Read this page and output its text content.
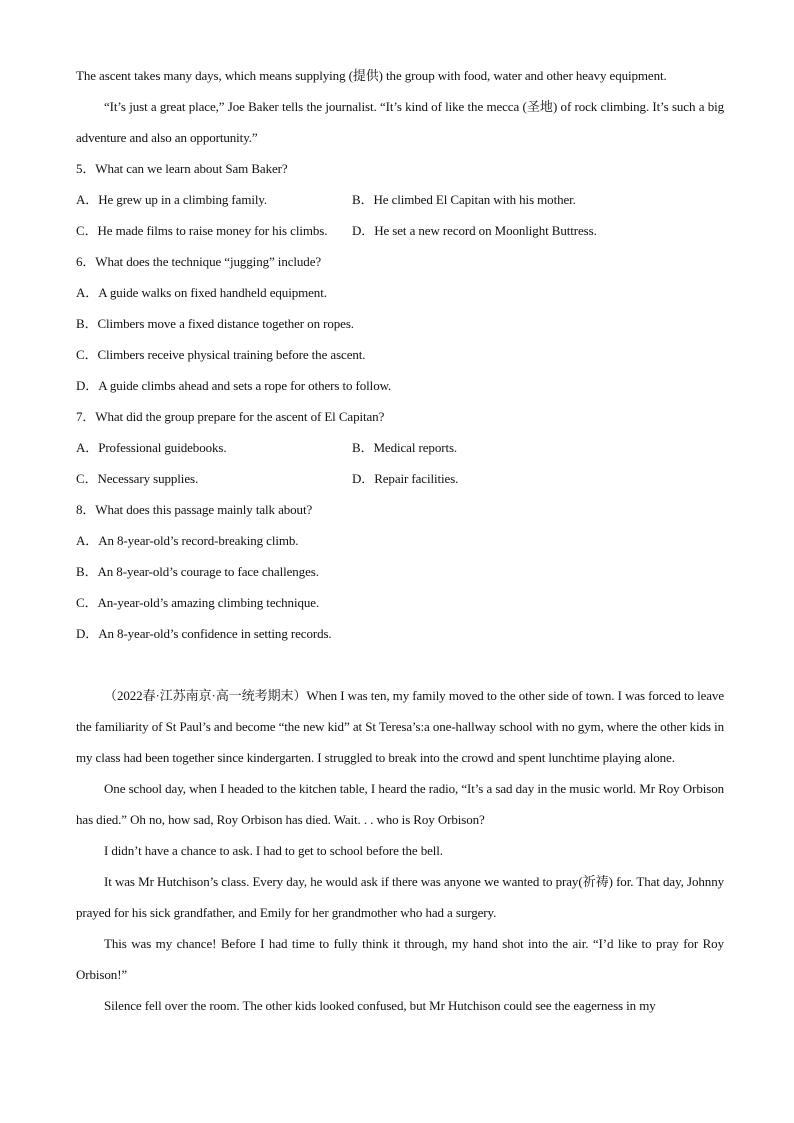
The ascent takes many days, which means supplying (提供) the group with food, water and other heavy equipment.

“It’s just a great place,” Joe Baker tells the journalist. “It’s kind of like the mecca (圣地) of rock climbing. It’s such a big adventure and also an opportunity.”

5．What can we learn about Sam Baker?

A．He grew up in a climbing family.	B．He climbed El Capitan with his mother.
C．He made films to raise money for his climbs.	D．He set a new record on Moonlight Buttress.

6．What does the technique “jugging” include?

A．A guide walks on fixed handheld equipment.

B．Climbers move a fixed distance together on ropes.

C．Climbers receive physical training before the ascent.

D．A guide climbs ahead and sets a rope for others to follow.

7．What did the group prepare for the ascent of El Capitan?

A．Professional guidebooks.	B．Medical reports.
C．Necessary supplies.	D．Repair facilities.

8．What does this passage mainly talk about?

A．An 8-year-old’s record-breaking climb.

B．An 8-year-old’s courage to face challenges.

C．An-year-old’s amazing climbing technique.

D．An 8-year-old’s confidence in setting records.

（2022春·江苏南京·高一统考期末）When I was ten, my family moved to the other side of town. I was forced to leave the familiarity of St Paul’s and become “the new kid” at St Teresa’s:a one-hallway school with no gym, where the other kids in my class had been together since kindergarten. I struggled to break into the crowd and spent lunchtime playing alone.

One school day, when I headed to the kitchen table, I heard the radio, “It’s a sad day in the music world. Mr Roy Orbison has died.” Oh no, how sad, Roy Orbison has died. Wait. . . who is Roy Orbison?

I didn’t have a chance to ask. I had to get to school before the bell.

It was Mr Hutchison’s class. Every day, he would ask if there was anyone we wanted to pray(祈祷) for. That day, Johnny prayed for his sick grandfather, and Emily for her grandmother who had a surgery.

This was my chance! Before I had time to fully think it through, my hand shot into the air. “I’d like to pray for Roy Orbison!”

Silence fell over the room. The other kids looked confused, but Mr Hutchison could see the eagerness in my
